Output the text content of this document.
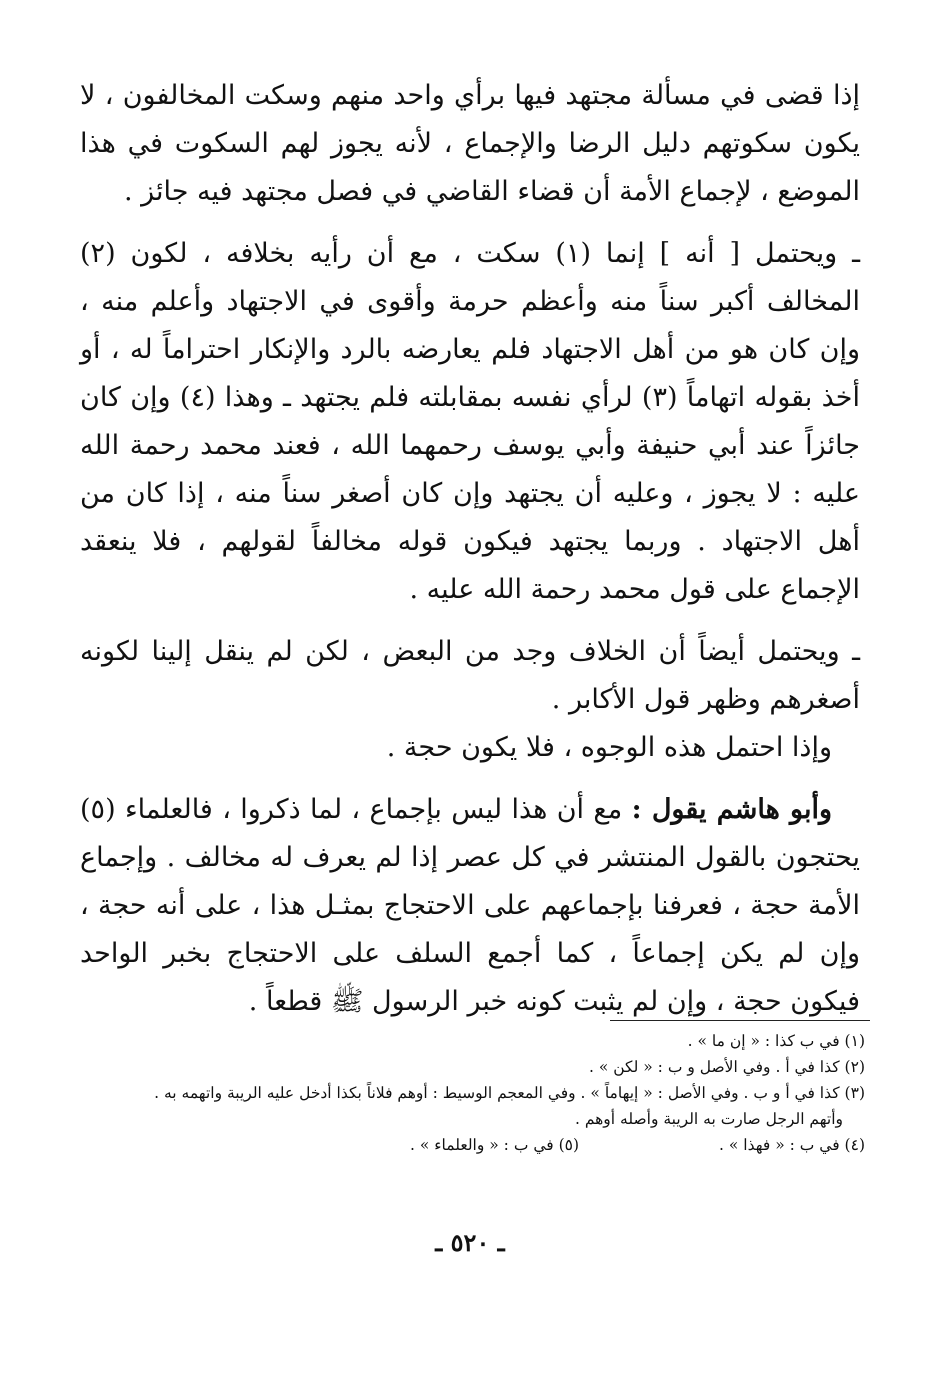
إذا قضى في مسألة مجتهد فيها برأي واحد منهم وسكت المخالفون ، لا يكون سكوتهم دليل الرضا والإجماع ، لأنه يجوز لهم السكوت في هذا الموضع ، لإجماع الأمة أن قضاء القاضي في فصل مجتهد فيه جائز .

ـ ويحتمل [ أنه ] إنما (١) سكت ، مع أن رأيه بخلافه ، لكون (٢) المخالف أكبر سناً منه وأعظم حرمة وأقوى في الاجتهاد وأعلم منه ، وإن كان هو من أهل الاجتهاد فلم يعارضه بالرد والإنكار احتراماً له ، أو أخذ بقوله اتهاماً (٣) لرأي نفسه بمقابلته فلم يجتهد ـ وهذا (٤) وإن كان جائزاً عند أبي حنيفة وأبي يوسف رحمهما الله ، فعند محمد رحمة الله عليه : لا يجوز ، وعليه أن يجتهد وإن كان أصغر سناً منه ، إذا كان من أهل الاجتهاد . وربما يجتهد فيكون قوله مخالفاً لقولهم ، فلا ينعقد الإجماع على قول محمد رحمة الله عليه .

ـ ويحتمل أيضاً أن الخلاف وجد من البعض ، لكن لم ينقل إلينا لكونه أصغرهم وظهر قول الأكابر .

وإذا احتمل هذه الوجوه ، فلا يكون حجة .

وأبو هاشم يقول : مع أن هذا ليس بإجماع ، لما ذكروا ، فالعلماء (٥) يحتجون بالقول المنتشر في كل عصر إذا لم يعرف له مخالف . وإجماع الأمة حجة ، فعرفنا بإجماعهم على الاحتجاج بمثـل هذا ، على أنه حجة ، وإن لم يكن إجماعاً ، كما أجمع السلف على الاحتجاج بخبر الواحد فيكون حجة ، وإن لم يثبت كونه خبر الرسول ﷺ قطعاً .

(١) في ب كذا : « إن ما » .

(٢) كذا في أ . وفي الأصل و ب : « لكن » .

(٣) كذا في أ و ب . وفي الأصل : « إيهاماً » . وفي المعجم الوسيط : أوهم فلاناً بكذا أدخل عليه الريبة واتهمه به .

وأتهم الرجل صارت به الريبة وأصله أوهم .

(٤) في ب : « فهذا » .
(٥) في ب : « والعلماء » .
ـ ٥٢٠ ـ
